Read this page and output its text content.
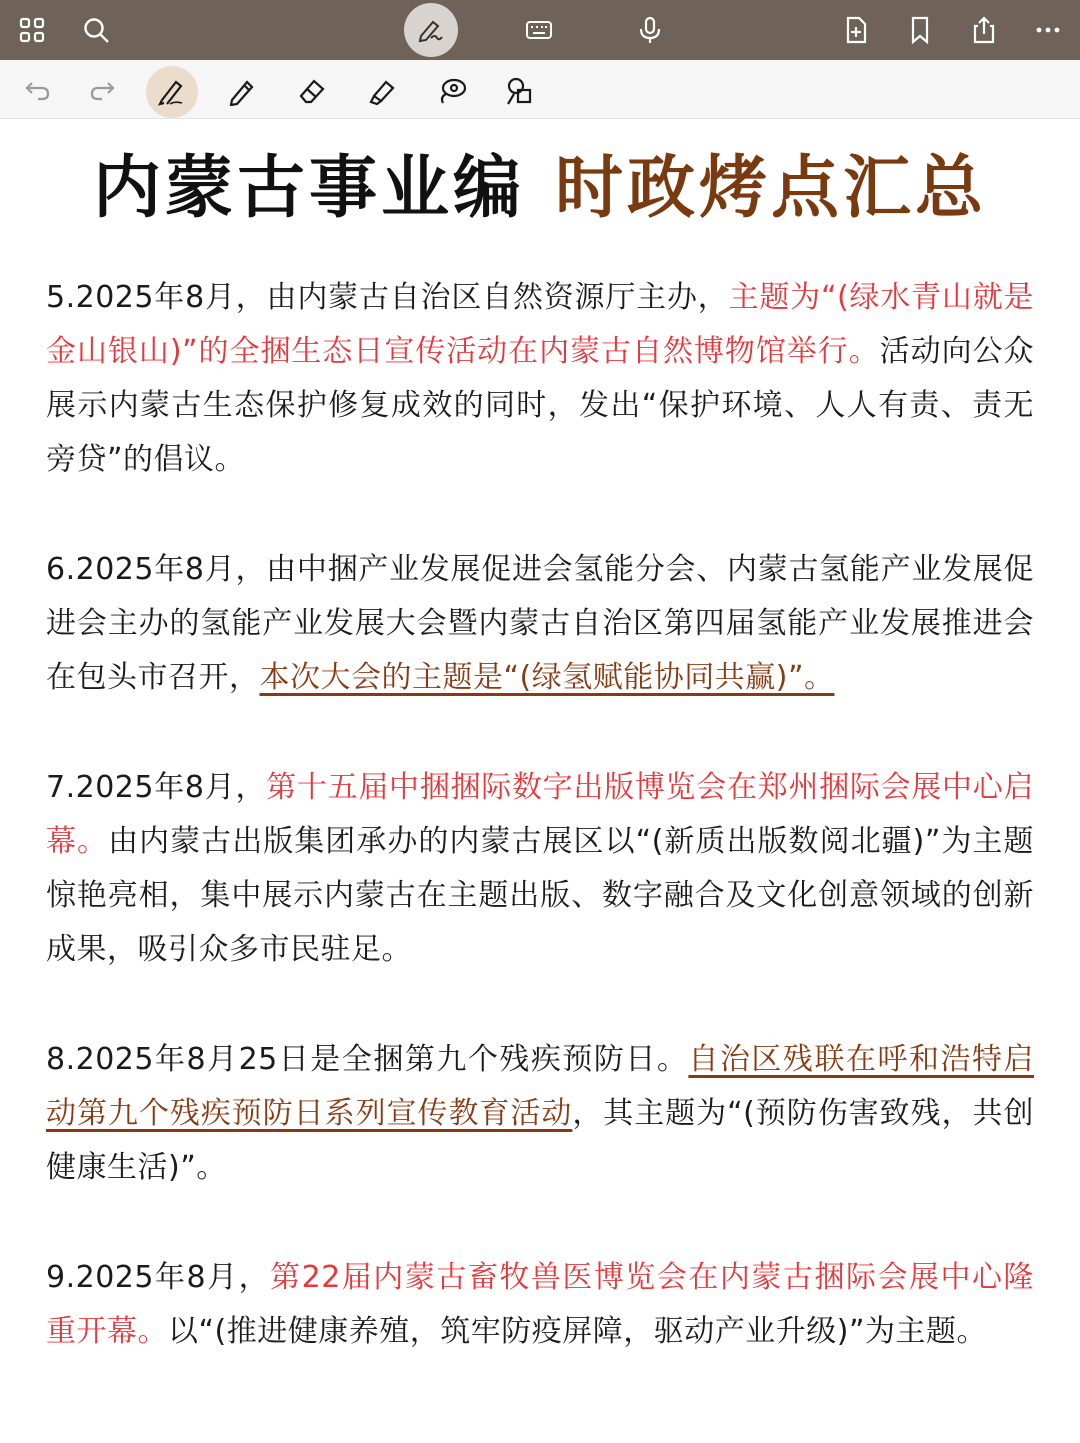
内蒙古事业编 时政烤点汇总

5.2025年8月，由内蒙古自治区自然资源厅主办，主题为“(绿水青山就是金山银山)”的全捆生态日宣传活动在内蒙古自然博物馆举行。活动向公众展示内蒙古生态保护修复成效的同时，发出“保护环境、人人有责、责无旁贷”的倡议。

6.2025年8月，由中捆产业发展促进会氢能分会、内蒙古氢能产业发展促进会主办的氢能产业发展大会暨内蒙古自治区第四届氢能产业发展推进会在包头市召开，本次大会的主题是“(绿氢赋能协同共赢)”。

7.2025年8月，第十五届中捆捆际数字出版博览会在郑州捆际会展中心启幕。由内蒙古出版集团承办的内蒙古展区以“(新质出版数阅北疆)”为主题惊艳亮相，集中展示内蒙古在主题出版、数字融合及文化创意领域的创新成果，吸引众多市民驻足。

8.2025年8月25日是全捆第九个残疾预防日。自治区残联在呼和浩特启动第九个残疾预防日系列宣传教育活动，其主题为“(预防伤害致残，共创健康生活)”。

9.2025年8月，第22届内蒙古畜牧兽医博览会在内蒙古捆际会展中心隆重开幕。以“(推进健康养殖，筑牢防疫屏障，驱动产业升级)”为主题。
